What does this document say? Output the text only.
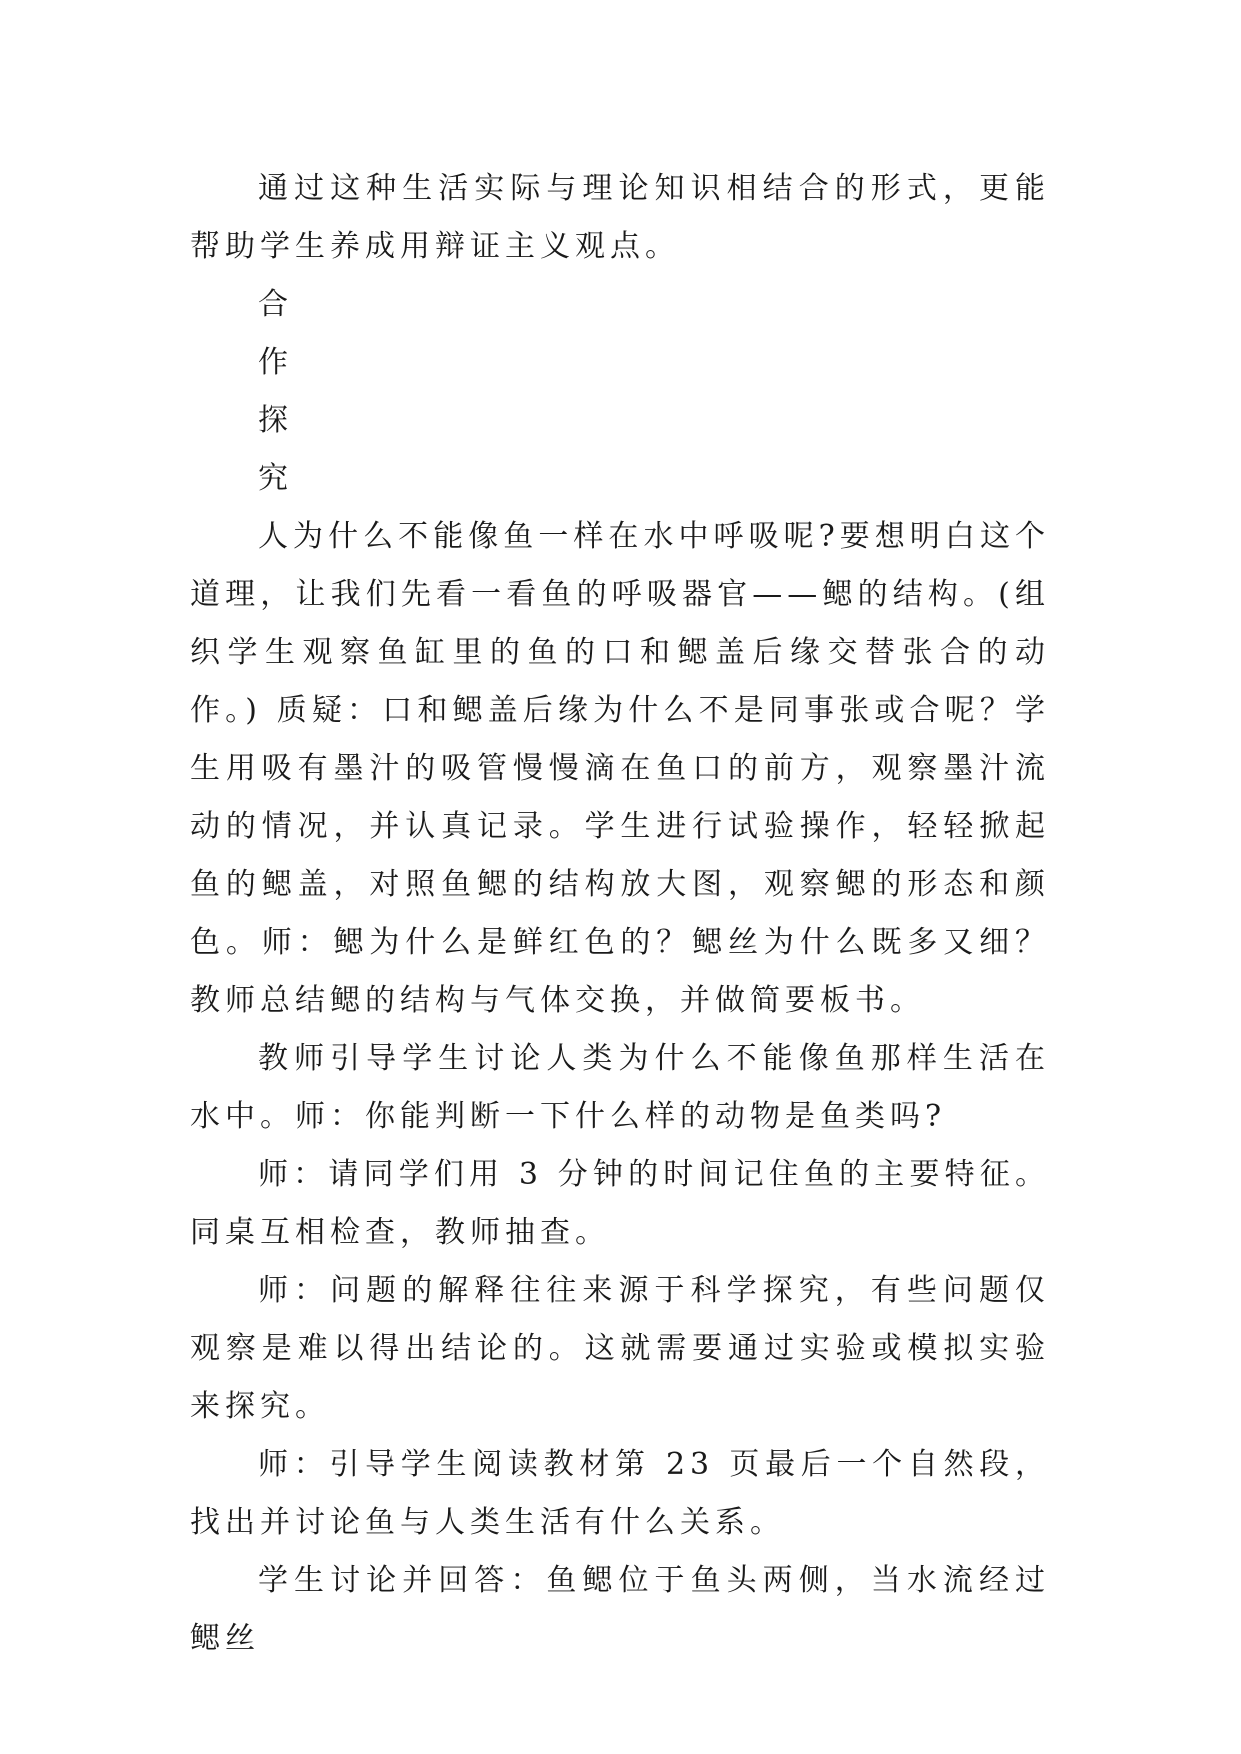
通过这种生活实际与理论知识相结合的形式，更能帮助学生养成用辩证主义观点。

合

作

探

究

人为什么不能像鱼一样在水中呼吸呢?要想明白这个道理，让我们先看一看鱼的呼吸器官——鳃的结构。(组织学生观察鱼缸里的鱼的口和鳃盖后缘交替张合的动作。) 质疑：口和鳃盖后缘为什么不是同事张或合呢？学生用吸有墨汁的吸管慢慢滴在鱼口的前方，观察墨汁流动的情况，并认真记录。学生进行试验操作，轻轻掀起鱼的鳃盖，对照鱼鳃的结构放大图，观察鳃的形态和颜色。师：鳃为什么是鲜红色的？鳃丝为什么既多又细？教师总结鳃的结构与气体交换，并做简要板书。

教师引导学生讨论人类为什么不能像鱼那样生活在水中。师：你能判断一下什么样的动物是鱼类吗?

师：请同学们用 3 分钟的时间记住鱼的主要特征。 同桌互相检查，教师抽查。

师：问题的解释往往来源于科学探究，有些问题仅观察是难以得出结论的。这就需要通过实验或模拟实验来探究。

师：引导学生阅读教材第 23 页最后一个自然段，找出并讨论鱼与人类生活有什么关系。

学生讨论并回答：鱼鳃位于鱼头两侧，当水流经过鳃丝
